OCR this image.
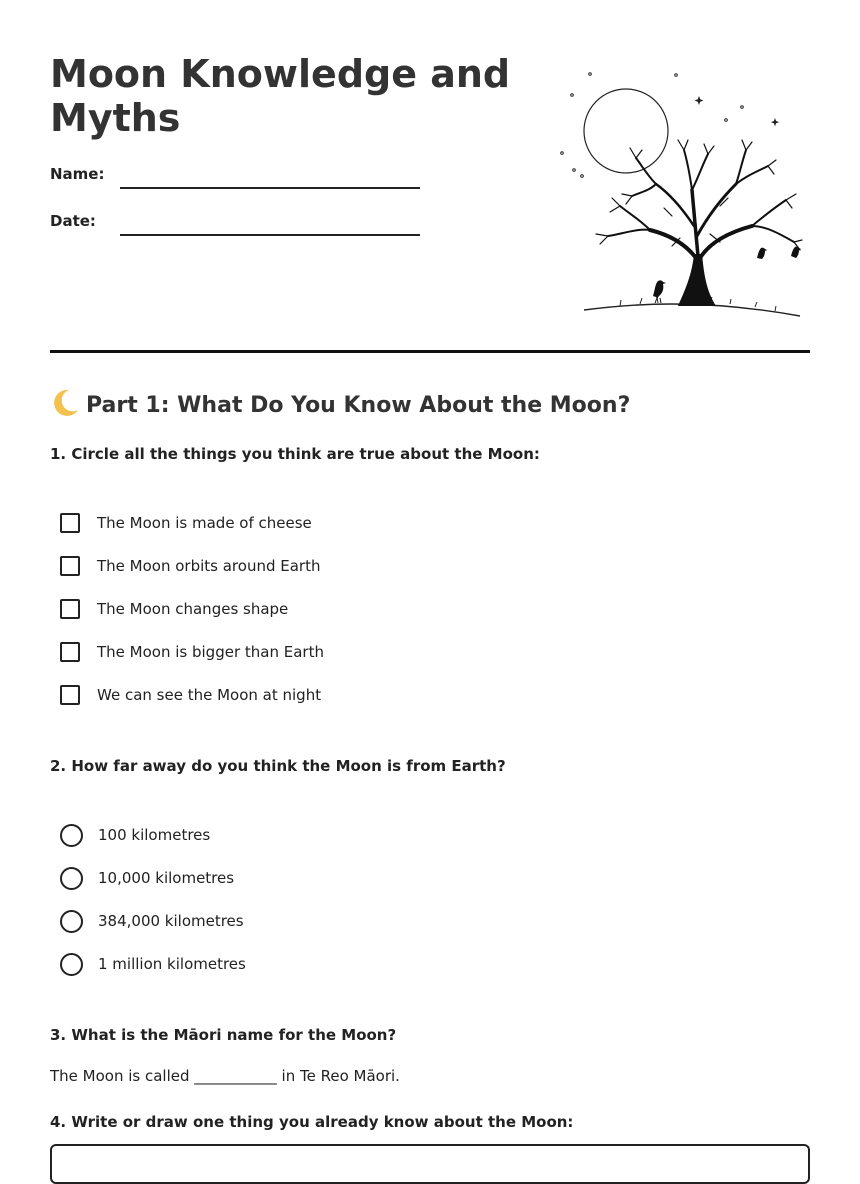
Moon Knowledge and Myths
Name:
Date:
Part 1: What Do You Know About the Moon?

1. Circle all the things you think are true about the Moon:

The Moon is made of cheese
The Moon orbits around Earth
The Moon changes shape
The Moon is bigger than Earth
We can see the Moon at night

2. How far away do you think the Moon is from Earth?

100 kilometres
10,000 kilometres
384,000 kilometres
1 million kilometres

3. What is the Māori name for the Moon?

The Moon is called ___________ in Te Reo Māori.

4. Write or draw one thing you already know about the Moon:
